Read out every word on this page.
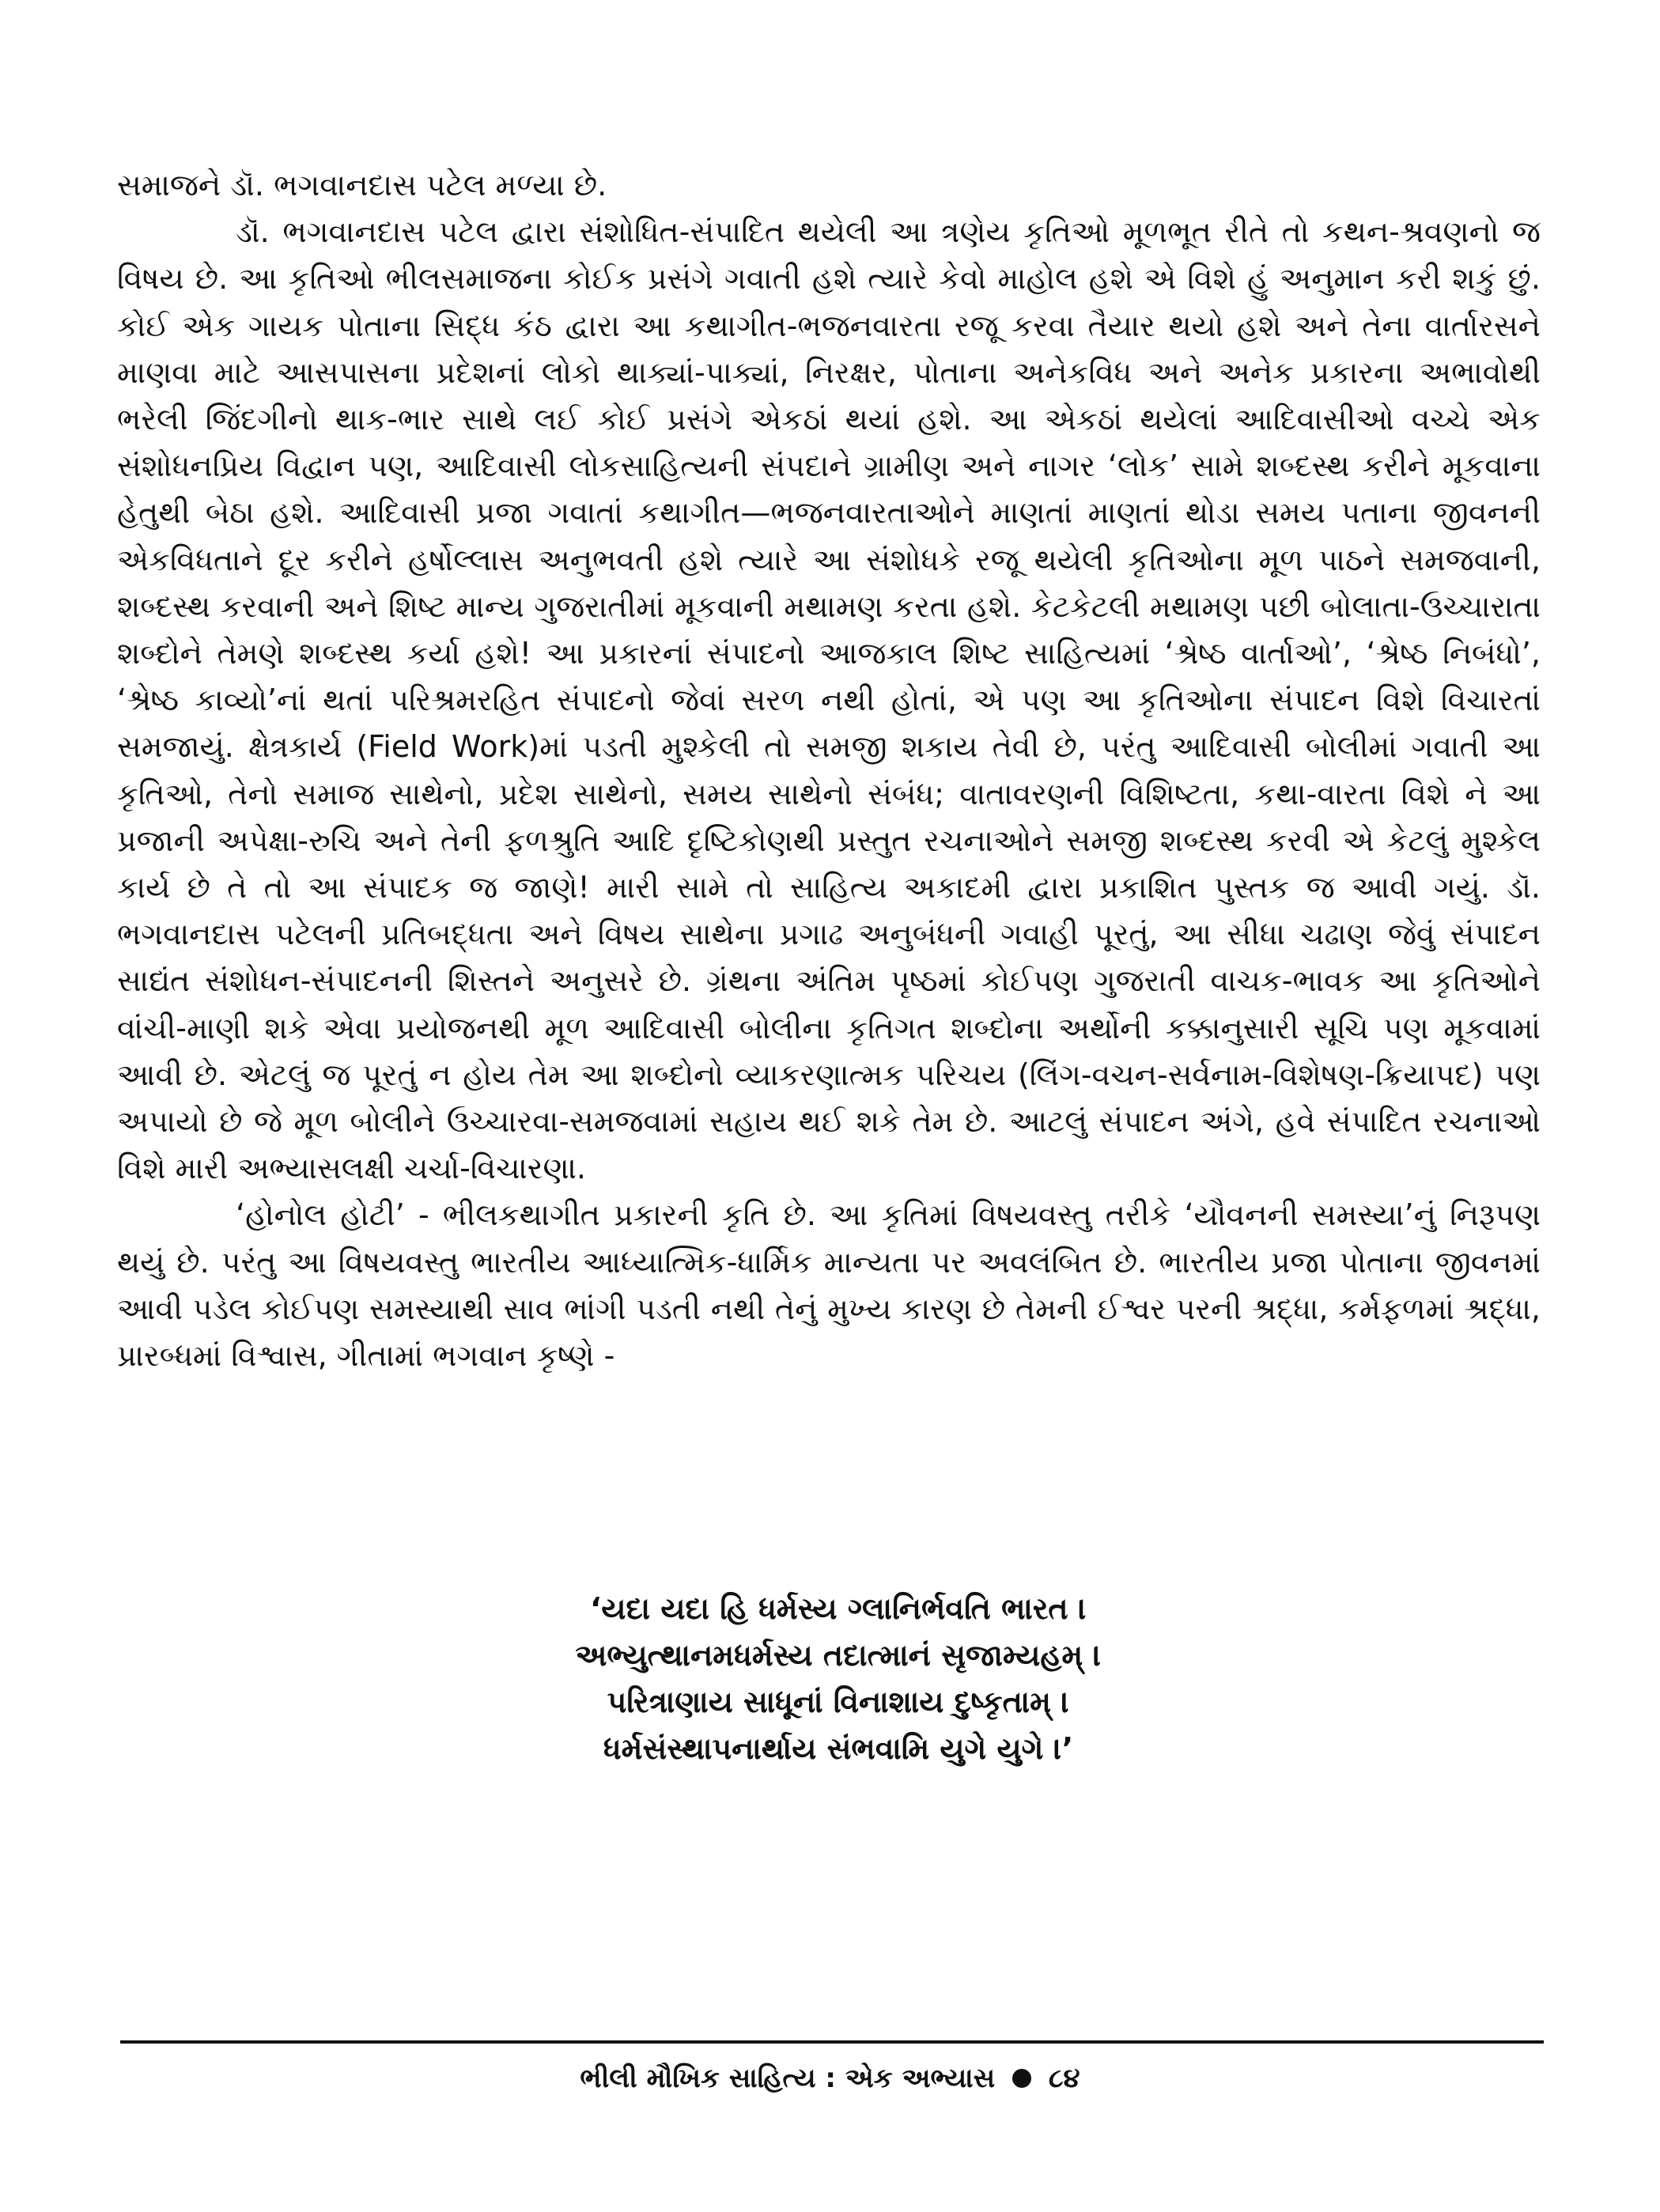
સમાજને ડૉ. ભગવાનદાસ પટેલ મળ્યા છે.

ડૉ. ભગવાનદાસ પટેલ દ્વારા સંશોધિત-સંપાદિત થયેલી આ ત્રણેય કૃતિઓ મૂળભૂત રીતે તો કથન-શ્રવણનો જ વિષય છે. આ કૃતિઓ ભીલસમાજના કોઈક પ્રસંગે ગવાતી હશે ત્યારે કેવો માહોલ હશે એ વિશે હું અનુમાન કરી શકું છું. કોઈ એક ગાયક પોતાના સિદ્ધ કંઠ દ્વારા આ કથાગીત-ભજનવારતા રજૂ કરવા તૈયાર થયો હશે અને તેના વાર્તારસને માણવા માટે આસપાસના પ્રદેશનાં લોકો થાક્યાં-પાક્યાં, નિરક્ષર, પોતાના અનેકવિધ અને અનેક પ્રકારના અભાવોથી ભરેલી જિંદગીનો થાક-ભાર સાથે લઈ કોઈ પ્રસંગે એકઠાં થયાં હશે. આ એકઠાં થયેલાં આદિવાસીઓ વચ્ચે એક સંશોધનપ્રિય વિદ્વાન પણ, આદિવાસી લોકસાહિત્યની સંપદાને ગ્રામીણ અને નાગર ‘લોક’ સામે શબ્દસ્થ કરીને મૂકવાના હેતુથી બેઠા હશે. આદિવાસી પ્રજા ગવાતાં કથાગીત—ભજનવારતાઓને માણતાં માણતાં થોડા સમય પતાના જીવનની એકવિધતાને દૂર કરીને હર્ષોલ્લાસ અનુભવતી હશે ત્યારે આ સંશોધકે રજૂ થયેલી કૃતિઓના મૂળ પાઠને સમજવાની, શબ્દસ્થ કરવાની અને શિષ્ટ માન્ય ગુજરાતીમાં મૂકવાની મથામણ કરતા હશે. કેટકેટલી મથામણ પછી બોલાતા-ઉચ્ચારાતા શબ્દોને તેમણે શબ્દસ્થ કર્યા હશે! આ પ્રકારનાં સંપાદનો આજકાલ શિષ્ટ સાહિત્યમાં ‘શ્રેષ્ઠ વાર્તાઓ’, ‘શ્રેષ્ઠ નિબંધો’, ‘શ્રેષ્ઠ કાવ્યો’નાં થતાં પરિશ્રમરહિત સંપાદનો જેવાં સરળ નથી હોતાં, એ પણ આ કૃતિઓના સંપાદન વિશે વિચારતાં સમજાયું. ક્ષેત્રકાર્ય (Field Work)માં પડતી મુશ્કેલી તો સમજી શકાય તેવી છે, પરંતુ આદિવાસી બોલીમાં ગવાતી આ કૃતિઓ, તેનો સમાજ સાથેનો, પ્રદેશ સાથેનો, સમય સાથેનો સંબંધ; વાતાવરણની વિશિષ્ટતા, કથા-વારતા વિશે ને આ પ્રજાની અપેક્ષા-રુચિ અને તેની ફળશ્રુતિ આદિ દૃષ્ટિકોણથી પ્રસ્તુત રચનાઓને સમજી શબ્દસ્થ કરવી એ કેટલું મુશ્કેલ કાર્ય છે તે તો આ સંપાદક જ જાણે! મારી સામે તો સાહિત્ય અકાદમી દ્વારા પ્રકાશિત પુસ્તક જ આવી ગયું. ડૉ. ભગવાનદાસ પટેલની પ્રતિબદ્ધતા અને વિષય સાથેના પ્રગાઢ અનુબંધની ગવાહી પૂરતું, આ સીધા ચઢાણ જેવું સંપાદન સાદ્યંત સંશોધન-સંપાદનની શિસ્તને અનુસરે છે. ગ્રંથના અંતિમ પૃષ્ઠમાં કોઈપણ ગુજરાતી વાચક-ભાવક આ કૃતિઓને વાંચી-માણી શકે એવા પ્રયોજનથી મૂળ આદિવાસી બોલીના કૃતિગત શબ્દોના અર્થોની કક્કાનુસારી સૂચિ પણ મૂકવામાં આવી છે. એટલું જ પૂરતું ન હોય તેમ આ શબ્દોનો વ્યાકરણાત્મક પરિચય (લિંગ-વચન-સર્વનામ-વિશેષણ-ક્રિયાપદ) પણ અપાયો છે જે મૂળ બોલીને ઉચ્ચારવા-સમજવામાં સહાય થઈ શકે તેમ છે. આટલું સંપાદન અંગે, હવે સંપાદિત રચનાઓ વિશે મારી અભ્યાસલક્ષી ચર્ચા-વિચારણા.

‘હોનોલ હોટી’ - ભીલકથાગીત પ્રકારની કૃતિ છે. આ કૃતિમાં વિષયવસ્તુ તરીકે ‘યૌવનની સમસ્યા’નું નિરૂપણ થયું છે. પરંતુ આ વિષયવસ્તુ ભારતીય આધ્યાત્મિક-ધાર્મિક માન્યતા પર અવલંબિત છે. ભારતીય પ્રજા પોતાના જીવનમાં આવી પડેલ કોઈપણ સમસ્યાથી સાવ ભાંગી પડતી નથી તેનું મુખ્ય કારણ છે તેમની ઈશ્વર પરની શ્રદ્ધા, કર્મફળમાં શ્રદ્ધા, પ્રારબ્ધમાં વિશ્વાસ, ગીતામાં ભગવાન કૃષ્ણે -

‘યદા યદા હિ ધર્મસ્ય ગ્લાનિર્ભવતિ ભારત ।
અભ્યુત્થાનમધર્મસ્ય તદાત્માનં સૃજામ્યહમ્ ।
પરિત્રાણાય સાધૂનાં વિનાશાય દુષ્કૃતામ્ ।
ધર્મસંસ્થાપનાર્થાય સંભવામિ યુગે યુગે ।’
ભીલી મૌખિક સાહિત્ય : એક અભ્યાસ ૮૪
